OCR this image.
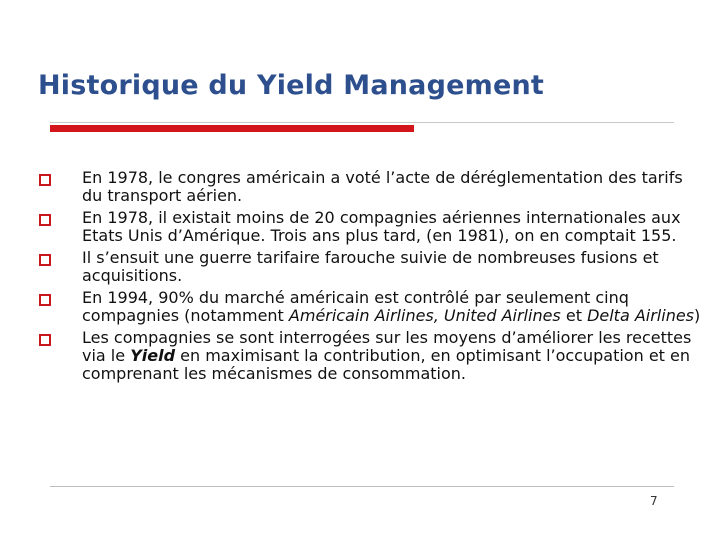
Historique du Yield Management
En 1978, le congres américain a voté l’acte de déréglementation des tarifs du transport aérien.
En 1978, il existait moins de 20 compagnies aériennes internationales aux Etats Unis d’Amérique. Trois ans plus tard, (en 1981), on en comptait 155.
Il s’ensuit une guerre tarifaire farouche suivie de nombreuses fusions et acquisitions.
En 1994, 90% du marché américain est contrôlé par seulement cinq compagnies (notamment Américain Airlines, United Airlines et Delta Airlines)
Les compagnies se sont interrogées sur les moyens d’améliorer les recettes via le Yield en maximisant la contribution, en optimisant l’occupation et en comprenant les mécanismes de consommation.
7
